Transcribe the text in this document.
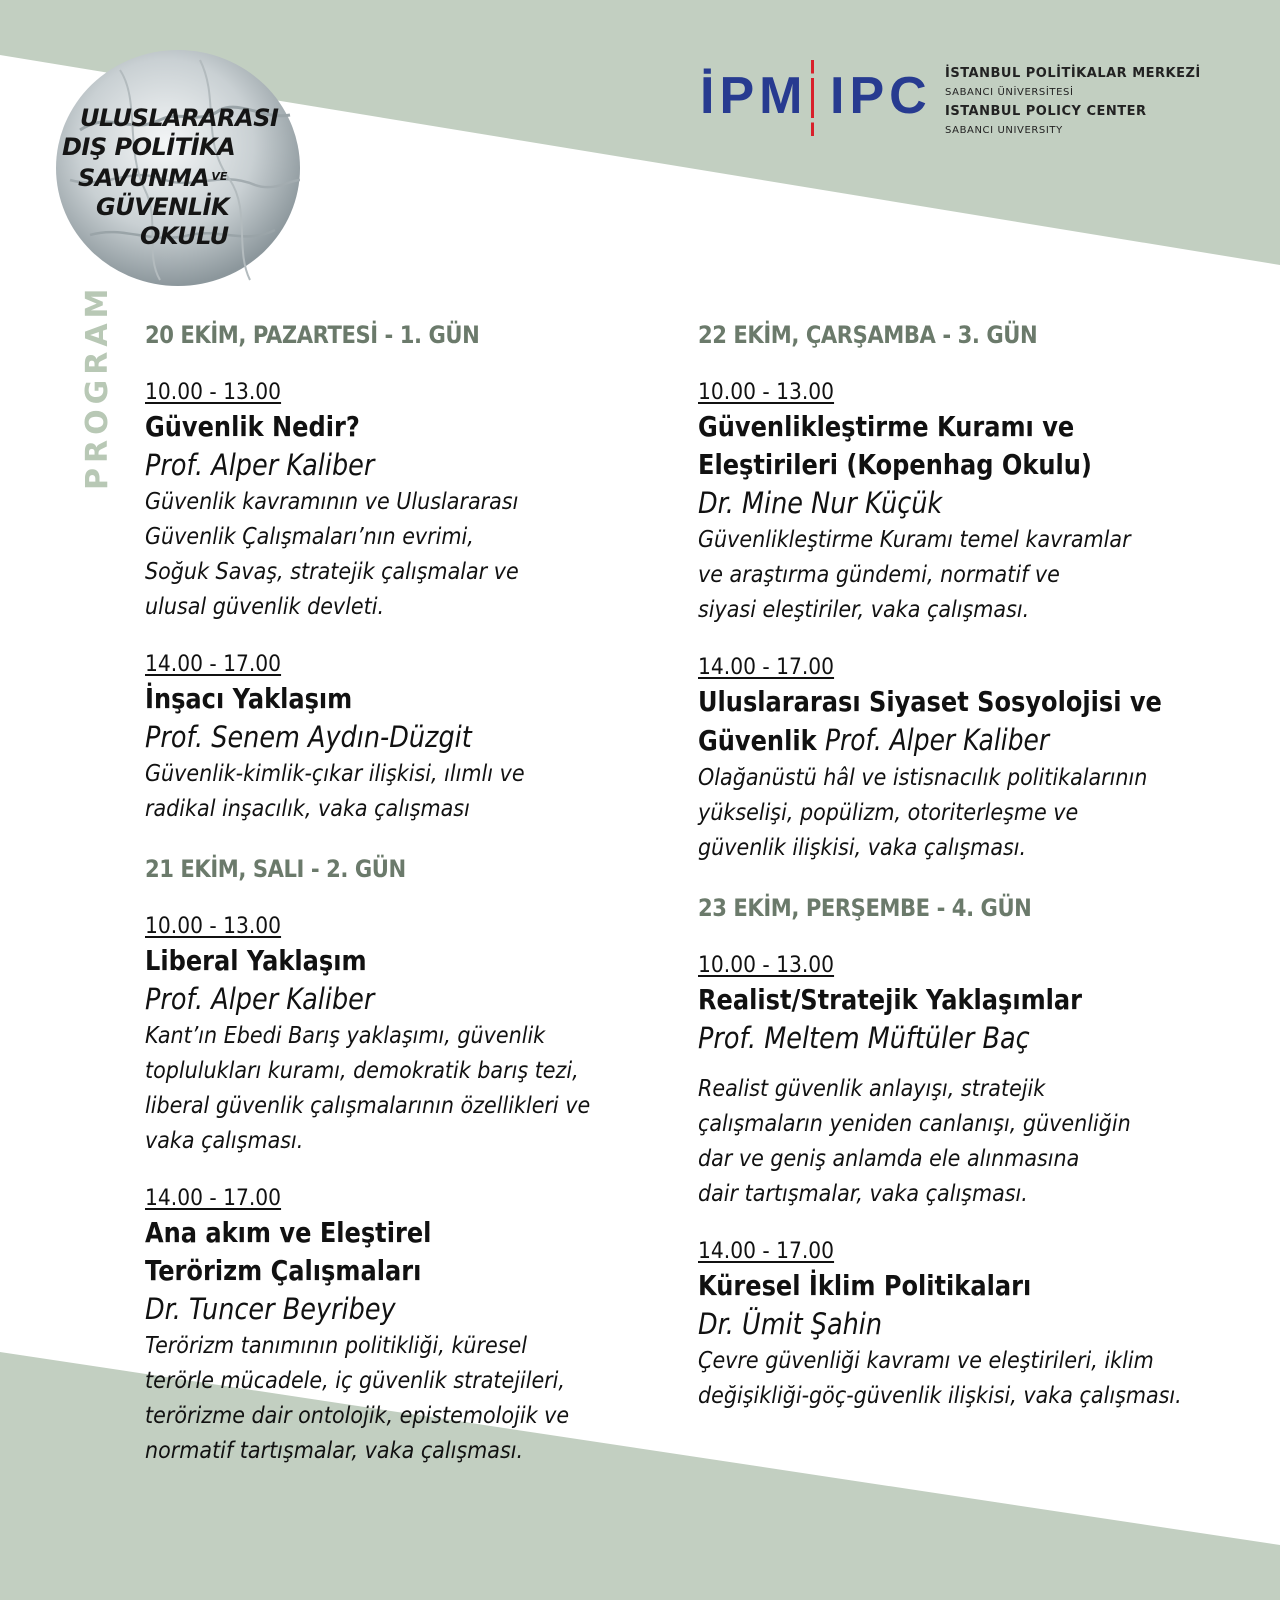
ULUSLARARASI
DIŞ POLİTİKA
SAVUNMA $^{VE}$
GÜVENLİK
OKULU
İPM IPC İSTANBUL POLİTİKALAR MERKEZİ
SABANCI ÜNİVERSİTESİ
ISTANBUL POLICY CENTER
SABANCI UNIVERSITY
PROGRAM 20 EKİM, PAZARTESİ - 1. GÜN
10.00 - 13.00
Güvenlik Nedir?
Prof. Alper Kaliber
Güvenlik kavramının ve Uluslararası
Güvenlik Çalışmaları’nın evrimi,
Soğuk Savaş, stratejik çalışmalar ve
ulusal güvenlik devleti.
14.00 - 17.00
İnşacı Yaklaşım
Prof. Senem Aydın-Düzgit
Güvenlik-kimlik-çıkar ilişkisi, ılımlı ve
radikal inşacılık, vaka çalışması
21 EKİM, SALI - 2. GÜN
10.00 - 13.00
Liberal Yaklaşım
Prof. Alper Kaliber
Kant’ın Ebedi Barış yaklaşımı, güvenlik
toplulukları kuramı, demokratik barış tezi,
liberal güvenlik çalışmalarının özellikleri ve
vaka çalışması.
14.00 - 17.00
Ana akım ve Eleştirel
Terörizm Çalışmaları
Dr. Tuncer Beyribey
Terörizm tanımının politikliği, küresel
terörle mücadele, iç güvenlik stratejileri,
terörizme dair ontolojik, epistemolojik ve
normatif tartışmalar, vaka çalışması.
22 EKİM, ÇARŞAMBA - 3. GÜN
10.00 - 13.00
Güvenlikleştirme Kuramı ve
Eleştirileri (Kopenhag Okulu)
Dr. Mine Nur Küçük
Güvenlikleştirme Kuramı temel kavramlar
ve araştırma gündemi, normatif ve
siyasi eleştiriler, vaka çalışması.
14.00 - 17.00
Uluslararası Siyaset Sosyolojisi ve
Güvenlik Prof. Alper Kaliber
Olağanüstü hâl ve istisnacılık politikalarının
yükselişi, popülizm, otoriterleşme ve
güvenlik ilişkisi, vaka çalışması.
23 EKİM, PERŞEMBE - 4. GÜN
10.00 - 13.00
Realist/Stratejik Yaklaşımlar
Prof. Meltem Müftüler Baç
Realist güvenlik anlayışı, stratejik
çalışmaların yeniden canlanışı, güvenliğin
dar ve geniş anlamda ele alınmasına
dair tartışmalar, vaka çalışması.
14.00 - 17.00
Küresel İklim Politikaları
Dr. Ümit Şahin
Çevre güvenliği kavramı ve eleştirileri, iklim
değişikliği-göç-güvenlik ilişkisi, vaka çalışması.
